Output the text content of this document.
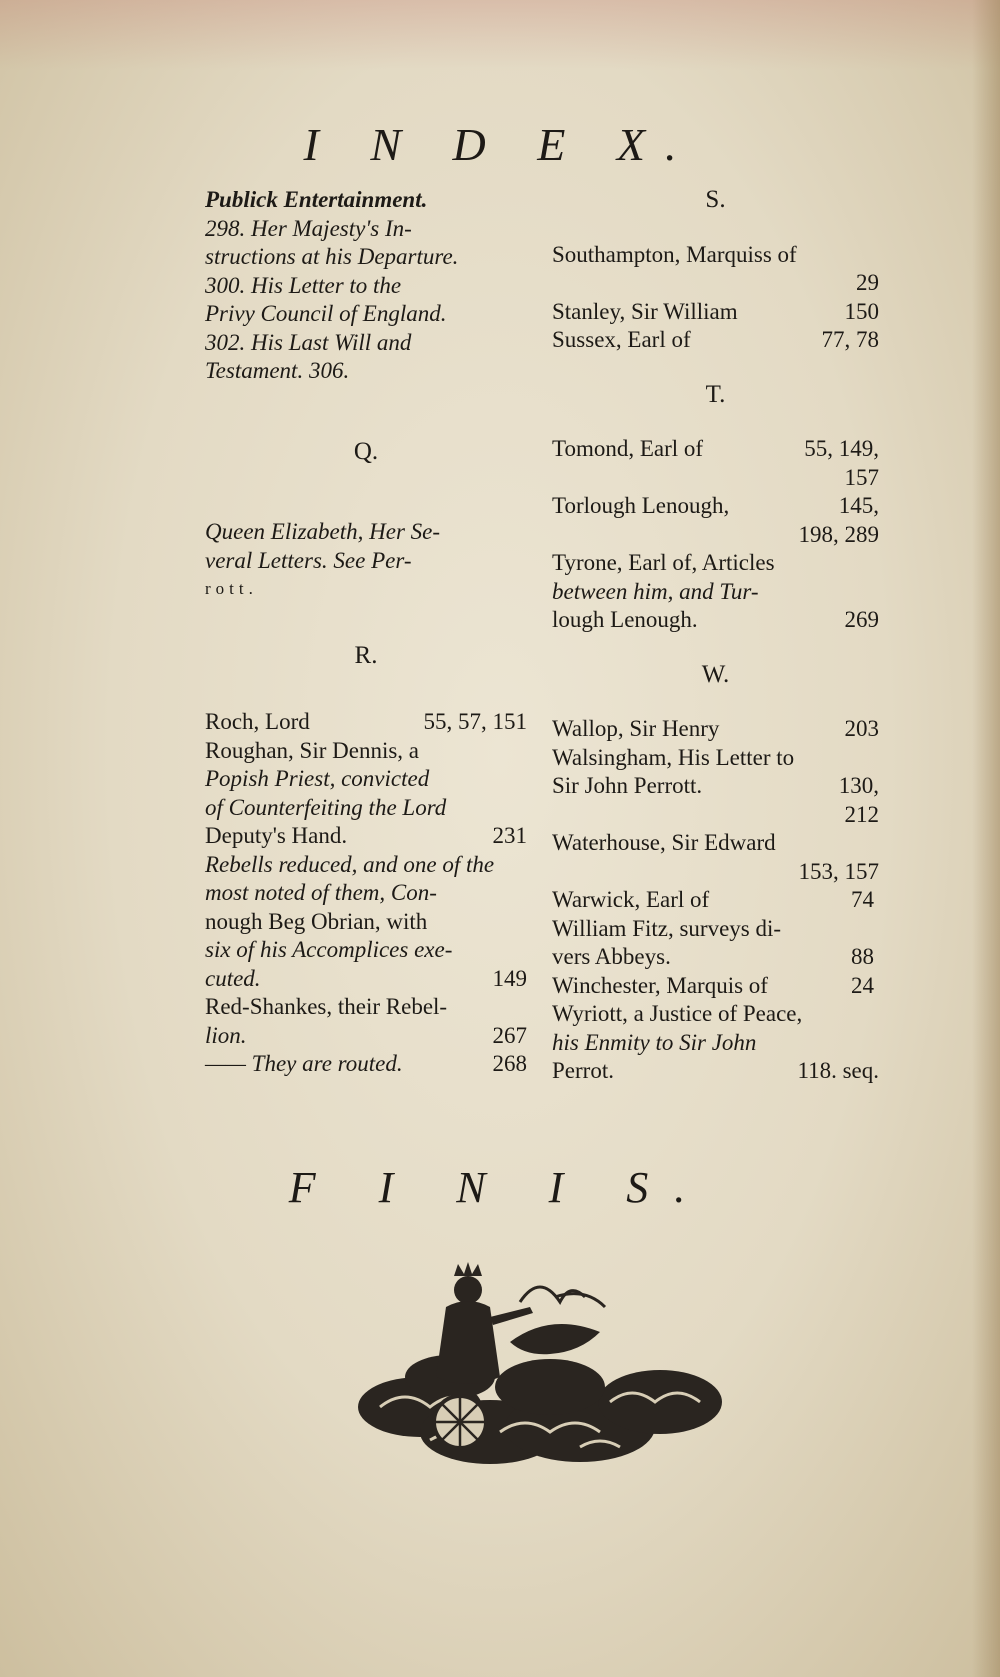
I N D E X.
Publick Entertainment.
298. Her Majesty's In-
structions at his Departure.
300. His Letter to the
Privy Council of England.
302. His Last Will and
Testament. 306.
Q.
Queen Elizabeth, Her Se-
veral Letters. See Per-
rott.
R.
55, 57, 151
Roch, Lord
Roughan, Sir Dennis, a
Popish Priest, convicted
of Counterfeiting the Lord
231
Deputy's Hand.
Rebells reduced, and one of the
most noted of them, Con-
nough Beg Obrian, with
six of his Accomplices exe-
149
cuted.
Red-Shankes, their Rebel-
267
lion.
268
—— They are routed.
S.
Southampton, Marquiss of
29
150
Stanley, Sir William
77, 78
Sussex, Earl of
T.
55, 149,
Tomond, Earl of
157
145,
Torlough Lenough,
198, 289
Tyrone, Earl of, Articles
between him, and Tur-
269
lough Lenough.
W.
203
Wallop, Sir Henry
Walsingham, His Letter to
130,
Sir John Perrott.
212
Waterhouse, Sir Edward
153, 157
74
Warwick, Earl of
William Fitz, surveys di-
88
vers Abbeys.
24
Winchester, Marquis of
Wyriott, a Justice of Peace,
his Enmity to Sir John
118. seq.
Perrot.
F I N I S.
